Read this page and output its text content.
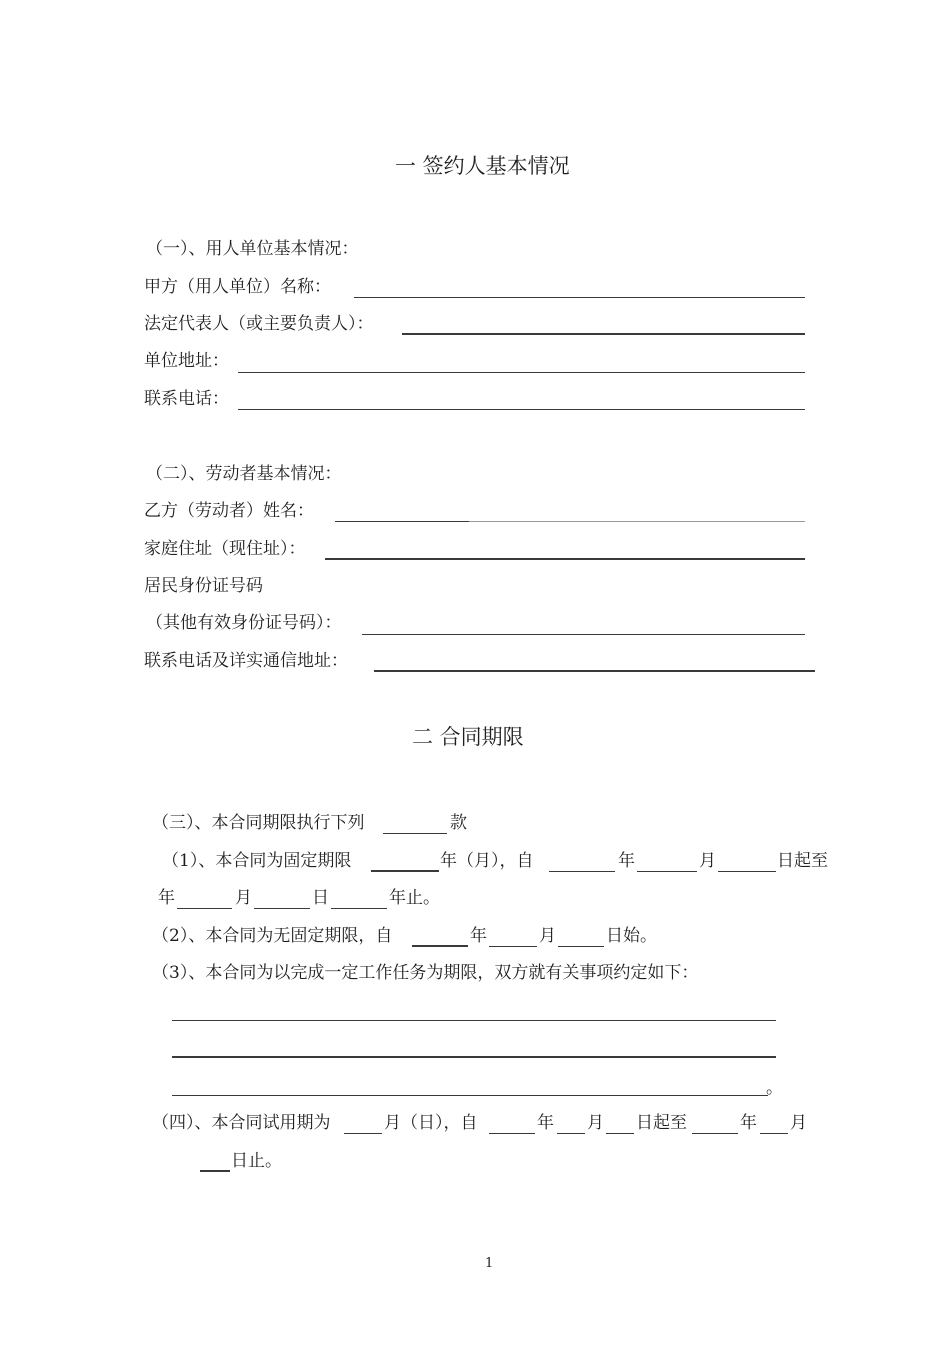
一 签约人基本情况
（一）、用人单位基本情况：
甲方（用人单位）名称：
法定代表人（或主要负责人）：
单位地址：
联系电话：
（二）、劳动者基本情况：
乙方（劳动者）姓名：
家庭住址（现住址）：
居民身份证号码
（其他有效身份证号码）：
联系电话及详实通信地址：
二 合同期限
（三）、本合同期限执行下列	款
（1）、本合同为固定期限	年（月），自	年	月	日起至
年	月	日	年止。
（2）、本合同为无固定期限，自	年	月	日始。
（3）、本合同为以完成一定工作任务为期限，双方就有关事项约定如下：
。
（四）、本合同试用期为	月（日），自	年 月 日起至	年 月
日止。
1
